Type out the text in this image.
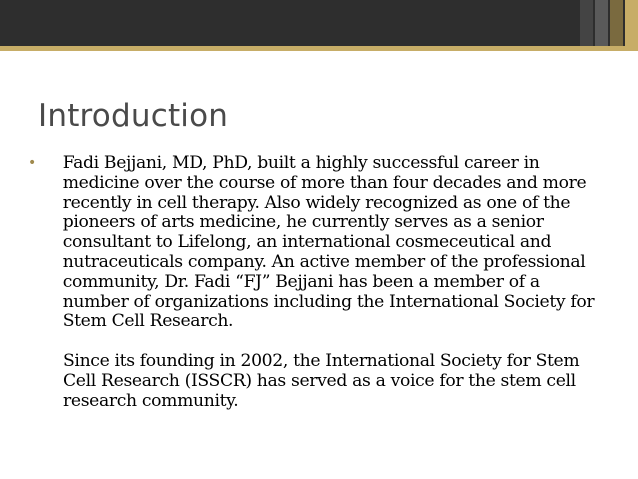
Introduction
•	Fadi Bejjani, MD, PhD, built a highly successful career in medicine over the course of more than four decades and more recently in cell therapy. Also widely recognized as one of the pioneers of arts medicine, he currently serves as a senior consultant to Lifelong, an international cosmeceutical and nutraceuticals company. An active member of the professional community, Dr. Fadi “FJ” Bejjani has been a member of a number of organizations including the International Society for Stem Cell Research.

Since its founding in 2002, the International Society for Stem Cell Research (ISSCR) has served as a voice for the stem cell research community.
